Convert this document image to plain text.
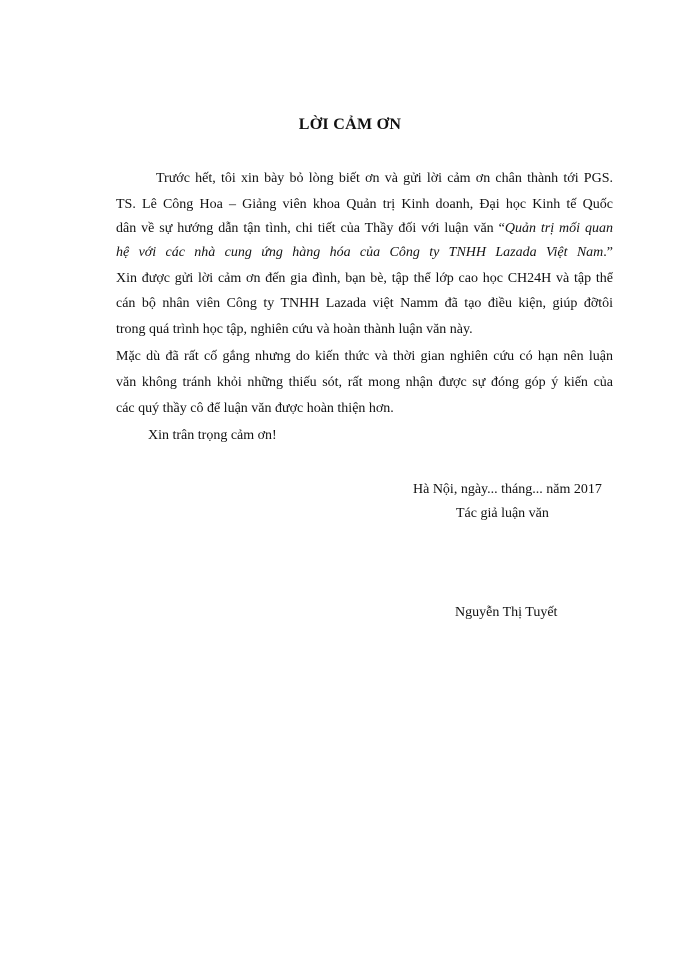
LỜI CẢM ƠN
Trước hết, tôi xin bày bỏ lòng biết ơn và gửi lời cảm ơn chân thành tới PGS.
TS. Lê Công Hoa – Giảng viên khoa Quản trị Kinh doanh, Đại học Kinh tế Quốc
dân về sự hướng dẫn tận tình, chi tiết của Thầy đối với luận văn “Quản trị mối quan
hệ với các nhà cung ứng hàng hóa của Công ty TNHH Lazada Việt Nam.”
Xin được gửi lời cảm ơn đến gia đình, bạn bè, tập thể lớp cao học CH24H và tập thể
cán bộ nhân viên Công ty TNHH Lazada việt Namm đã tạo điều kiện, giúp đỡtôi
trong quá trình học tập, nghiên cứu và hoàn thành luận văn này.
Mặc dù đã rất cố gắng nhưng do kiến thức và thời gian nghiên cứu có hạn nên luận
văn không tránh khỏi những thiếu sót, rất mong nhận được sự đóng góp ý kiến của
các quý thầy cô để luận văn được hoàn thiện hơn.
Xin trân trọng cảm ơn!
Hà Nội, ngày... tháng... năm 2017
Tác giả luận văn
Nguyễn Thị Tuyết
